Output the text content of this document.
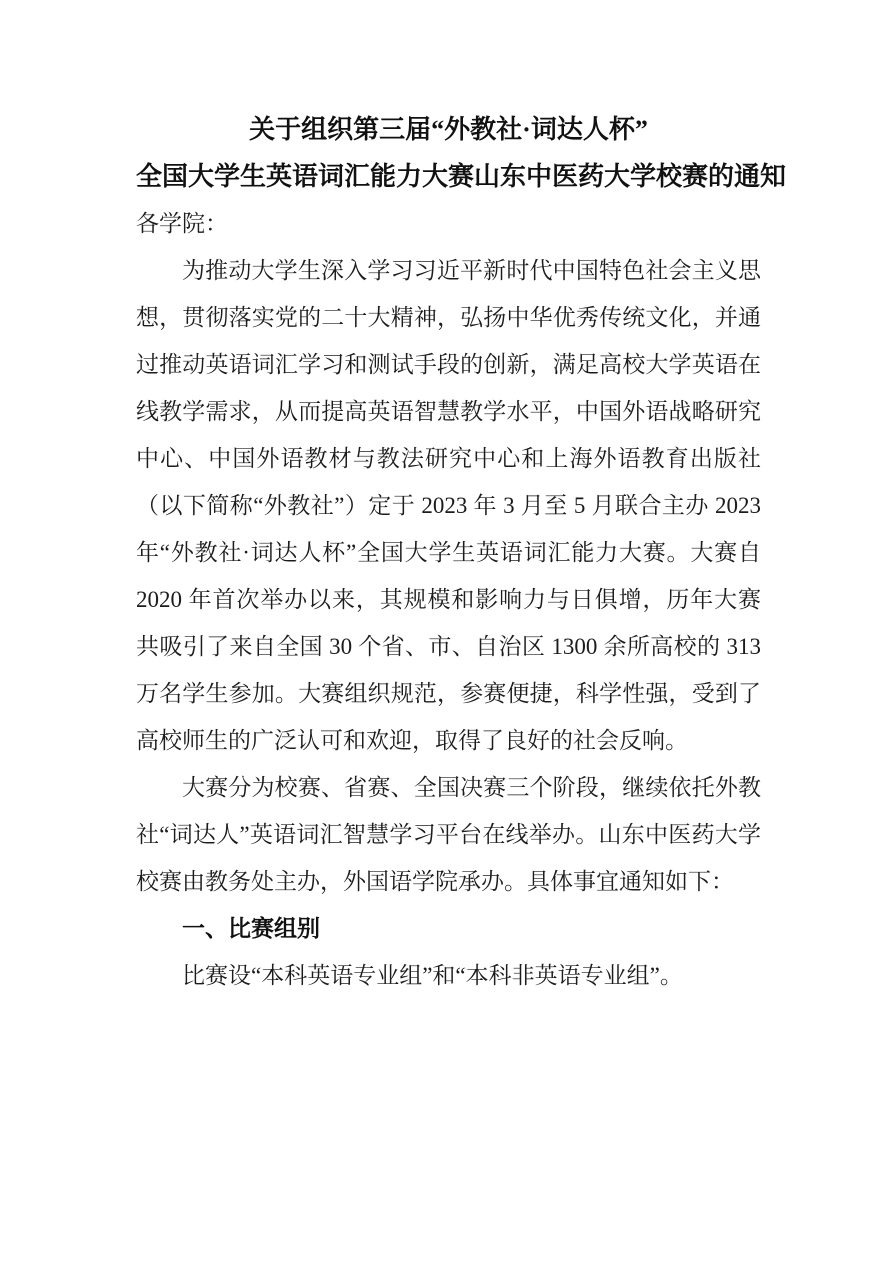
关于组织第三届“外教社·词达人杯”
全国大学生英语词汇能力大赛山东中医药大学校赛的通知

各学院：

为推动大学生深入学习习近平新时代中国特色社会主义思想，贯彻落实党的二十大精神，弘扬中华优秀传统文化，并通过推动英语词汇学习和测试手段的创新，满足高校大学英语在线教学需求，从而提高英语智慧教学水平，中国外语战略研究中心、中国外语教材与教法研究中心和上海外语教育出版社（以下简称“外教社”）定于 2023 年 3 月至 5 月联合主办 2023 年“外教社·词达人杯”全国大学生英语词汇能力大赛。大赛自 2020 年首次举办以来，其规模和影响力与日俱增，历年大赛共吸引了来自全国 30 个省、市、自治区 1300 余所高校的 313 万名学生参加。大赛组织规范，参赛便捷，科学性强，受到了高校师生的广泛认可和欢迎，取得了良好的社会反响。

大赛分为校赛、省赛、全国决赛三个阶段，继续依托外教社“词达人”英语词汇智慧学习平台在线举办。山东中医药大学校赛由教务处主办，外国语学院承办。具体事宜通知如下：

一、比赛组别

比赛设“本科英语专业组”和“本科非英语专业组”。
